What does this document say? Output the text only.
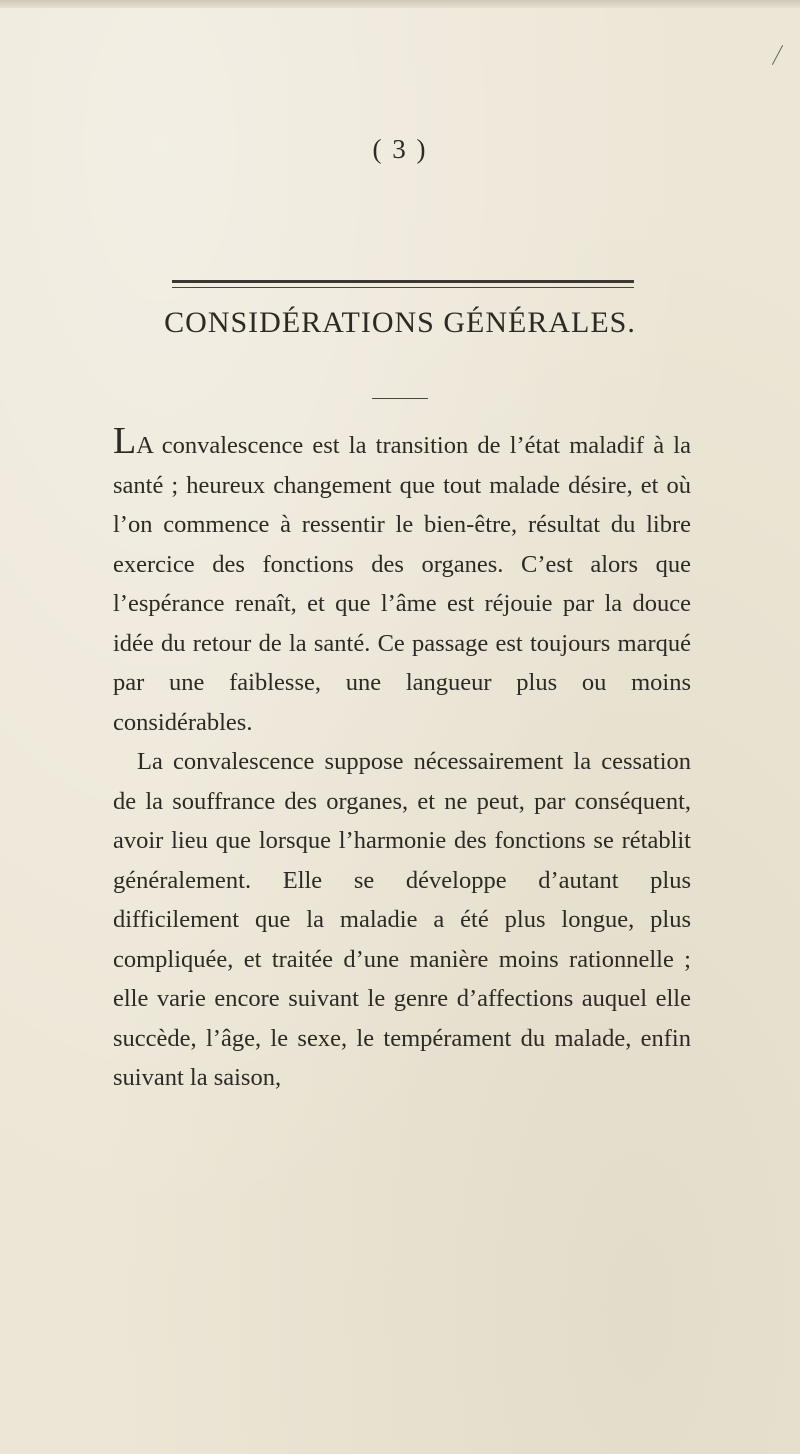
( 3 )
CONSIDÉRATIONS GÉNÉRALES.

LA convalescence est la transition de l’état maladif à la santé ; heureux changement que tout malade désire, et où l’on commence à ressentir le bien-être, résultat du libre exercice des fonctions des organes. C’est alors que l’espérance renaît, et que l’âme est réjouie par la douce idée du retour de la santé. Ce passage est toujours marqué par une faiblesse, une langueur plus ou moins considérables.

La convalescence suppose nécessairement la cessation de la souffrance des organes, et ne peut, par conséquent, avoir lieu que lorsque l’harmonie des fonctions se rétablit généralement. Elle se développe d’autant plus difficilement que la maladie a été plus longue, plus compliquée, et traitée d’une manière moins rationnelle ; elle varie encore suivant le genre d’affections auquel elle succède, l’âge, le sexe, le tempérament du malade, enfin suivant la saison,
